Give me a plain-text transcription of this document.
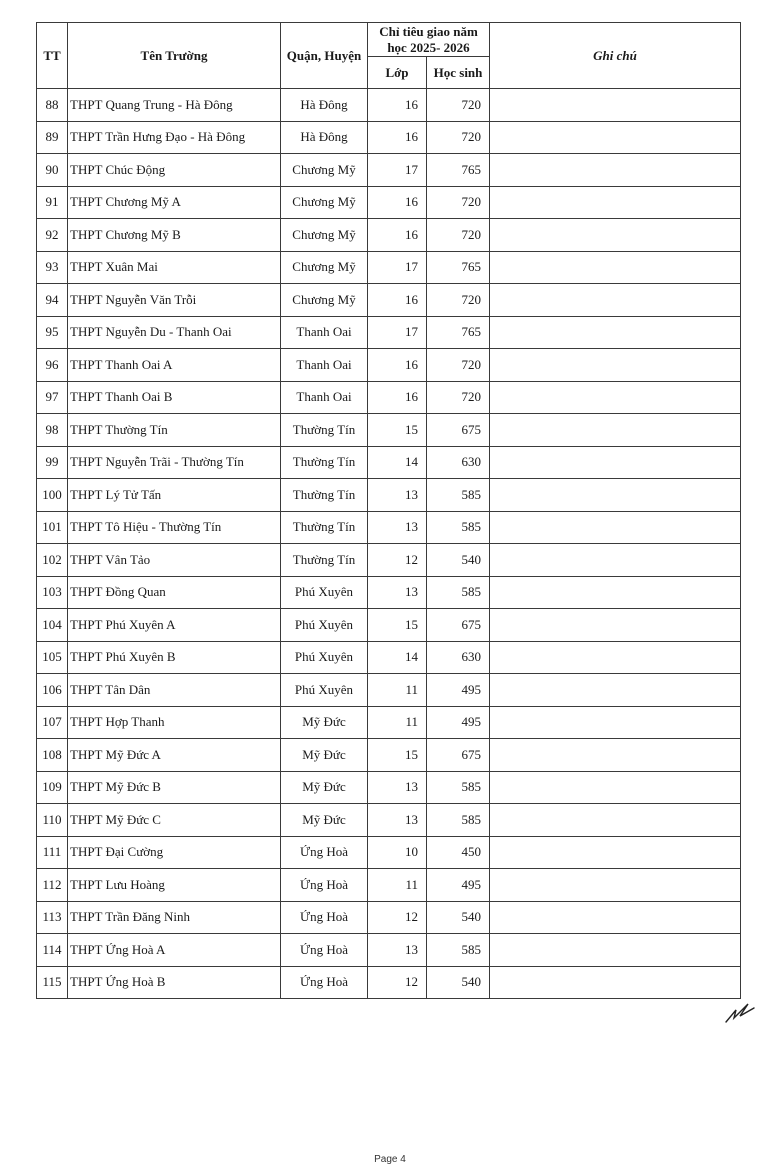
TT	Tên Trường	Quận, Huyện	Chỉ tiêu giao năm học 2025- 2026		Ghi chú
			Lớp	Học sinh	
88	THPT Quang Trung - Hà Đông	Hà Đông	16	720	
89	THPT Trần Hưng Đạo - Hà Đông	Hà Đông	16	720	
90	THPT Chúc Động	Chương Mỹ	17	765	
91	THPT Chương Mỹ A	Chương Mỹ	16	720	
92	THPT Chương Mỹ B	Chương Mỹ	16	720	
93	THPT Xuân Mai	Chương Mỹ	17	765	
94	THPT Nguyễn Văn Trỗi	Chương Mỹ	16	720	
95	THPT Nguyễn Du - Thanh Oai	Thanh Oai	17	765	
96	THPT Thanh Oai A	Thanh Oai	16	720	
97	THPT Thanh Oai B	Thanh Oai	16	720	
98	THPT Thường Tín	Thường Tín	15	675	
99	THPT Nguyễn Trãi - Thường Tín	Thường Tín	14	630	
100	THPT Lý Tử Tấn	Thường Tín	13	585	
101	THPT Tô Hiệu - Thường Tín	Thường Tín	13	585	
102	THPT Vân Tảo	Thường Tín	12	540	
103	THPT Đồng Quan	Phú Xuyên	13	585	
104	THPT Phú Xuyên A	Phú Xuyên	15	675	
105	THPT Phú Xuyên B	Phú Xuyên	14	630	
106	THPT Tân Dân	Phú Xuyên	11	495	
107	THPT Hợp Thanh	Mỹ Đức	11	495	
108	THPT Mỹ Đức A	Mỹ Đức	15	675	
109	THPT Mỹ Đức B	Mỹ Đức	13	585	
110	THPT Mỹ Đức C	Mỹ Đức	13	585	
111	THPT Đại Cường	Ứng Hoà	10	450	
112	THPT Lưu Hoàng	Ứng Hoà	11	495	
113	THPT Trần Đăng Ninh	Ứng Hoà	12	540	
114	THPT Ứng Hoà A	Ứng Hoà	13	585	
115	THPT Ứng Hoà B	Ứng Hoà	12	540	
Page 4
